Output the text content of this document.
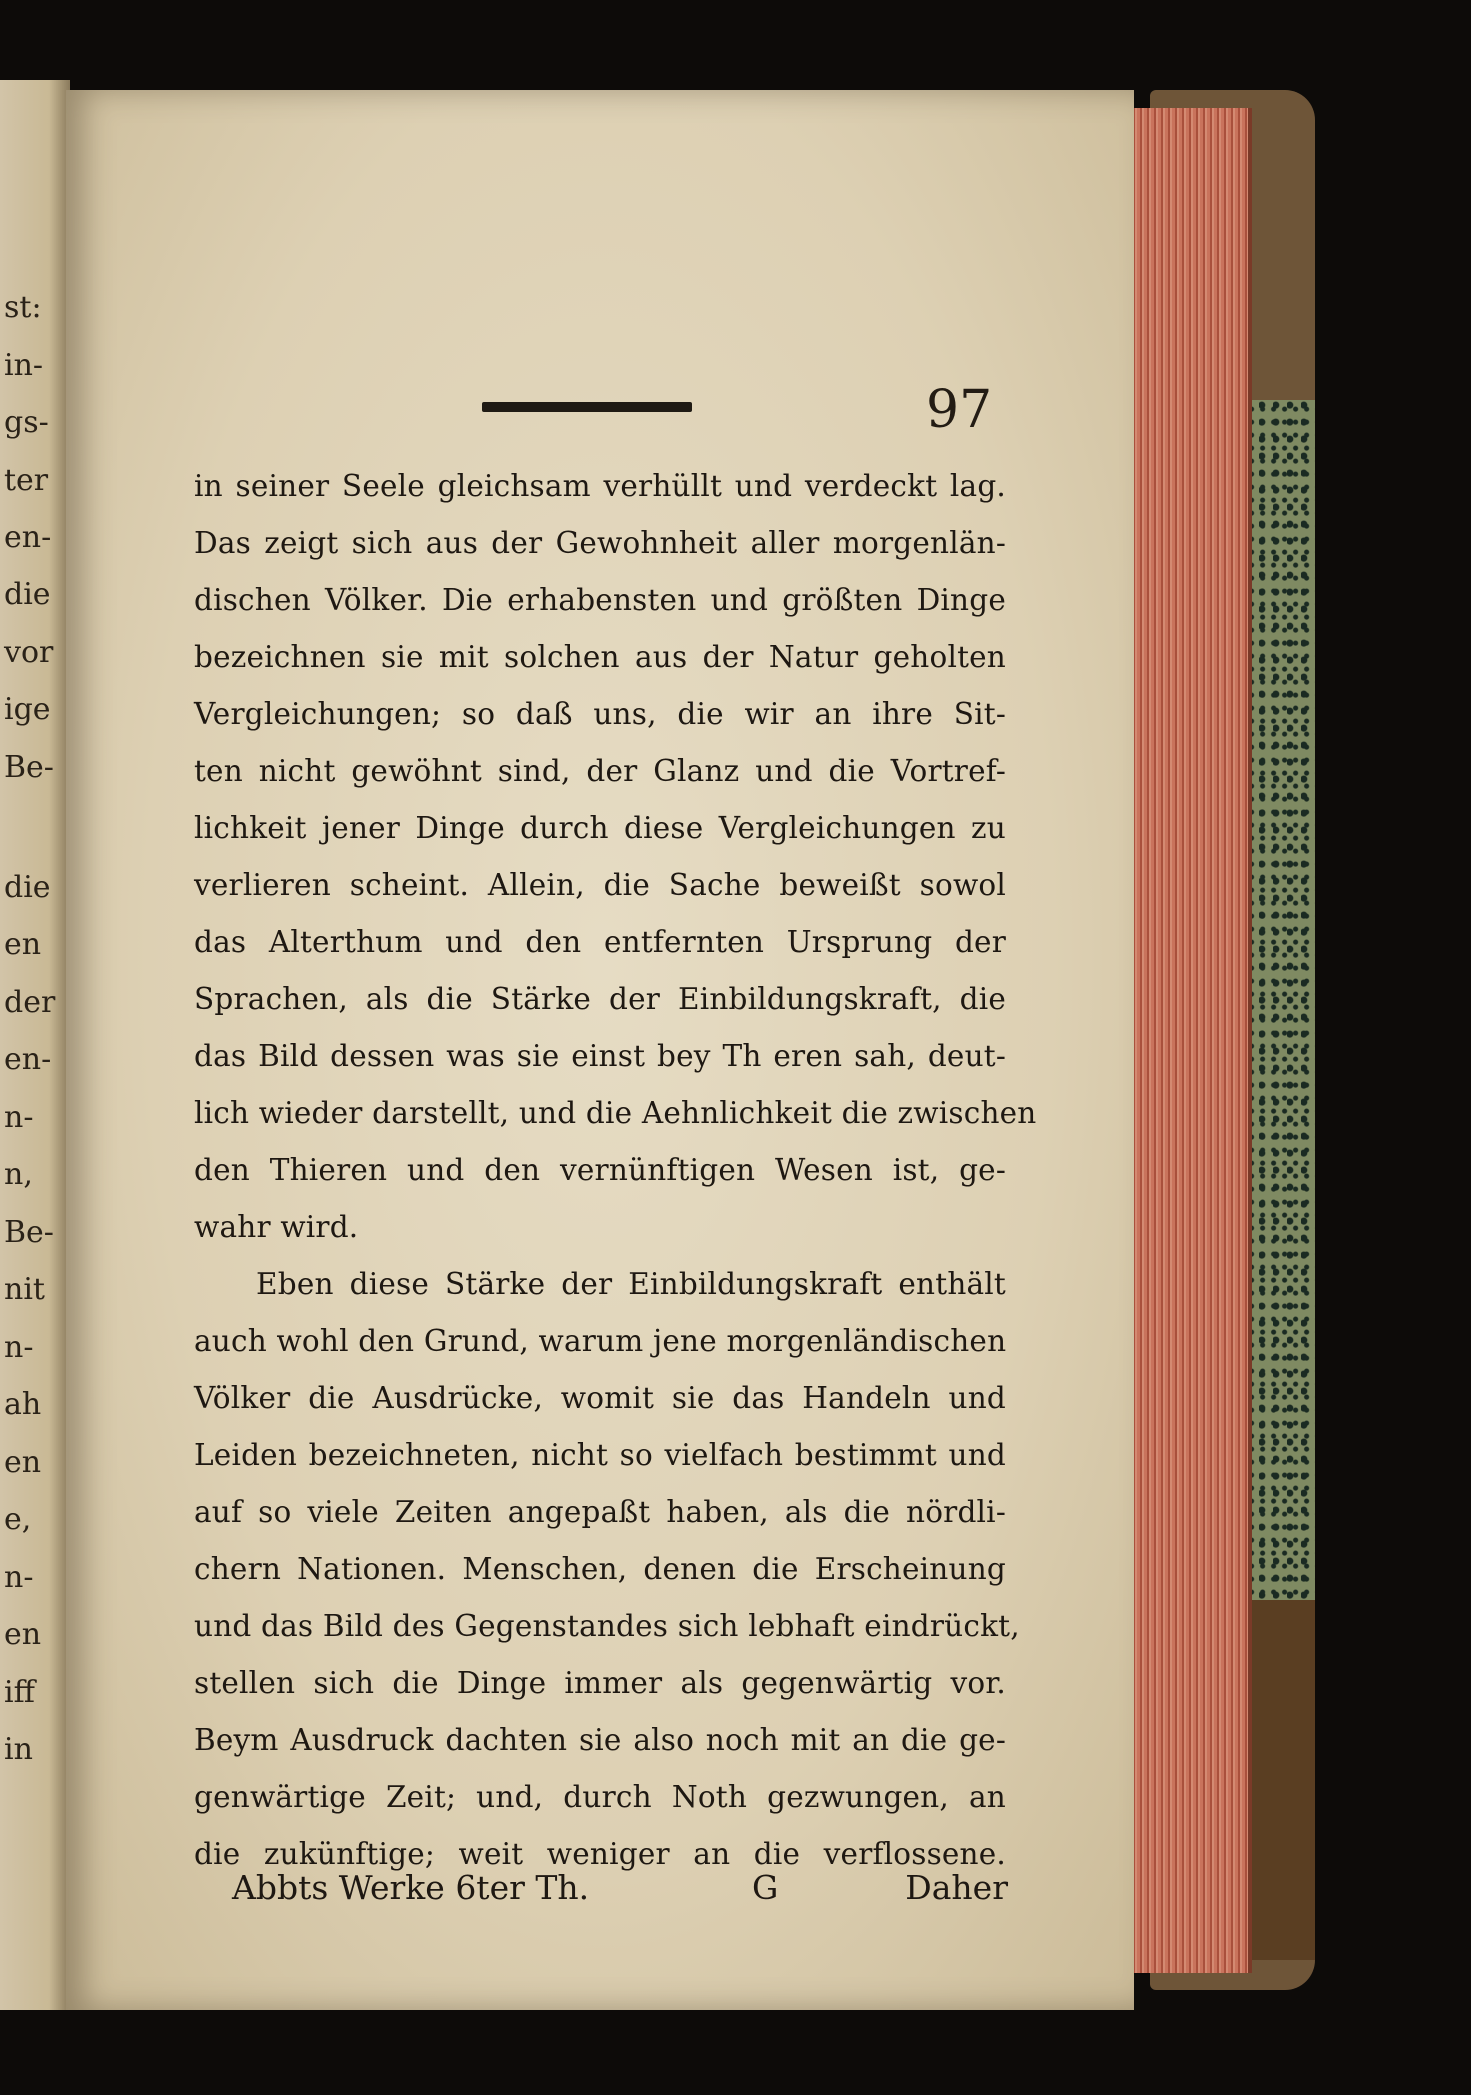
st:
in-
gs-
ter
en-
die
vor
ige
Be-
die
en
der
en-
n-
n,
Be-
nit
n-
ah
en
e,
n-
en
iff
in
97
in seiner Seele gleichsam verhüllt und verdeckt lag.
Das zeigt sich aus der Gewohnheit aller morgenlän-
dischen Völker. Die erhabensten und größten Dinge
bezeichnen sie mit solchen aus der Natur geholten
Vergleichungen; so daß uns, die wir an ihre Sit-
ten nicht gewöhnt sind, der Glanz und die Vortref-
lichkeit jener Dinge durch diese Vergleichungen zu
verlieren scheint. Allein, die Sache beweißt sowol
das Alterthum und den entfernten Ursprung der
Sprachen, als die Stärke der Einbildungskraft, die
das Bild dessen was sie einst bey Th eren sah, deut-
lich wieder darstellt, und die Aehnlichkeit die zwischen
den Thieren und den vernünftigen Wesen ist, ge-
wahr wird.
Eben diese Stärke der Einbildungskraft enthält
auch wohl den Grund, warum jene morgenländischen
Völker die Ausdrücke, womit sie das Handeln und
Leiden bezeichneten, nicht so vielfach bestimmt und
auf so viele Zeiten angepaßt haben, als die nördli-
chern Nationen. Menschen, denen die Erscheinung
und das Bild des Gegenstandes sich lebhaft eindrückt,
stellen sich die Dinge immer als gegenwärtig vor.
Beym Ausdruck dachten sie also noch mit an die ge-
genwärtige Zeit; und, durch Noth gezwungen, an
die zukünftige; weit weniger an die verflossene.
Abbts Werke 6ter Th.	G	Daher
